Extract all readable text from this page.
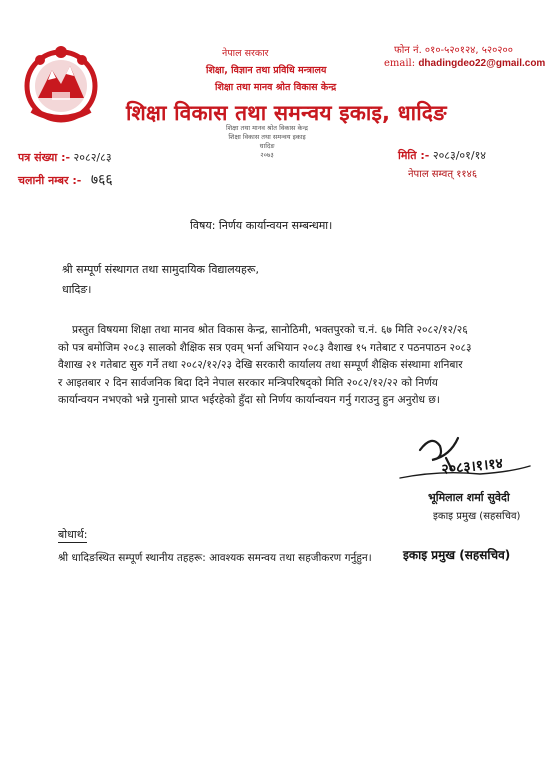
नेपाल सरकार
शिक्षा, विज्ञान तथा प्रविधि मन्त्रालय
शिक्षा तथा मानव श्रोत विकास केन्द्र
शिक्षा विकास तथा समन्वय इकाइ, धादिङ
शिक्षा तथा मानव श्रोत विकास केन्द्र
शिक्षा विकास तथा समन्वय इकाइ
धादिङ
२०७३
फोन नं. ०१०-५२०१२४, ५२०२००
email: dhadingdeo22@gmail.com
पत्र संख्या :- २०८२/८३
चलानी नम्बर :- ७६६
मिति :- २०८३/०१/१४
नेपाल सम्वत् ११४६
विषय: निर्णय कार्यान्वयन सम्बन्धमा।
श्री सम्पूर्ण संस्थागत तथा सामुदायिक विद्यालयहरू,
धादिङ।
प्रस्तुत विषयमा शिक्षा तथा मानव श्रोत विकास केन्द्र, सानोठिमी, भक्तपुरको च.नं. ६७ मिति २०८२/१२/२६
को पत्र बमोजिम २०८३ सालको शैक्षिक सत्र एवम् भर्ना अभियान २०८३ वैशाख १५ गतेबाट र पठनपाठन २०८३
वैशाख २१ गतेबाट सुरु गर्ने तथा २०८२/१२/२३ देखि सरकारी कार्यालय तथा सम्पूर्ण शैक्षिक संस्थामा शनिबार
र आइतबार २ दिन सार्वजनिक बिदा दिने नेपाल सरकार मन्त्रिपरिषद्को मिति २०८२/१२/२२ को निर्णय
कार्यान्वयन नभएको भन्ने गुनासो प्राप्त भईरहेको हुँदा सो निर्णय कार्यान्वयन गर्नु गराउनु हुन अनुरोध छ।
२०८३।१।१४
भूमिलाल शर्मा सुवेदी
इकाइ प्रमुख (सहसचिव)
इकाइ प्रमुख (सहसचिव)
बोधार्थ:
श्री धादिङस्थित सम्पूर्ण स्थानीय तहहरू: आवश्यक समन्वय तथा सहजीकरण गर्नुहुन।
